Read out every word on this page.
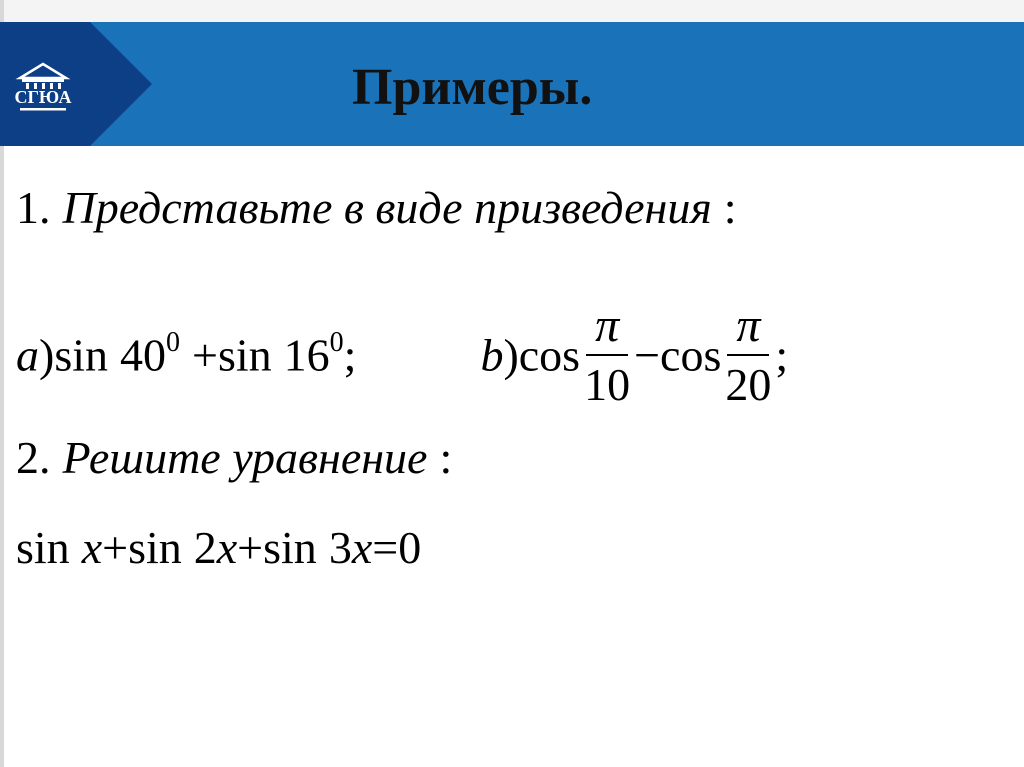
СГЮА	Примеры.
1. Представьте в виде призведения :
a)sin $40^0 +\sin$ $16^0$;	$b)\cos \frac{\pi}{10} -\cos \frac{\pi}{20}$ ;
2. Решите уравнение :
sin x+sin 2x+sin 3x=0
